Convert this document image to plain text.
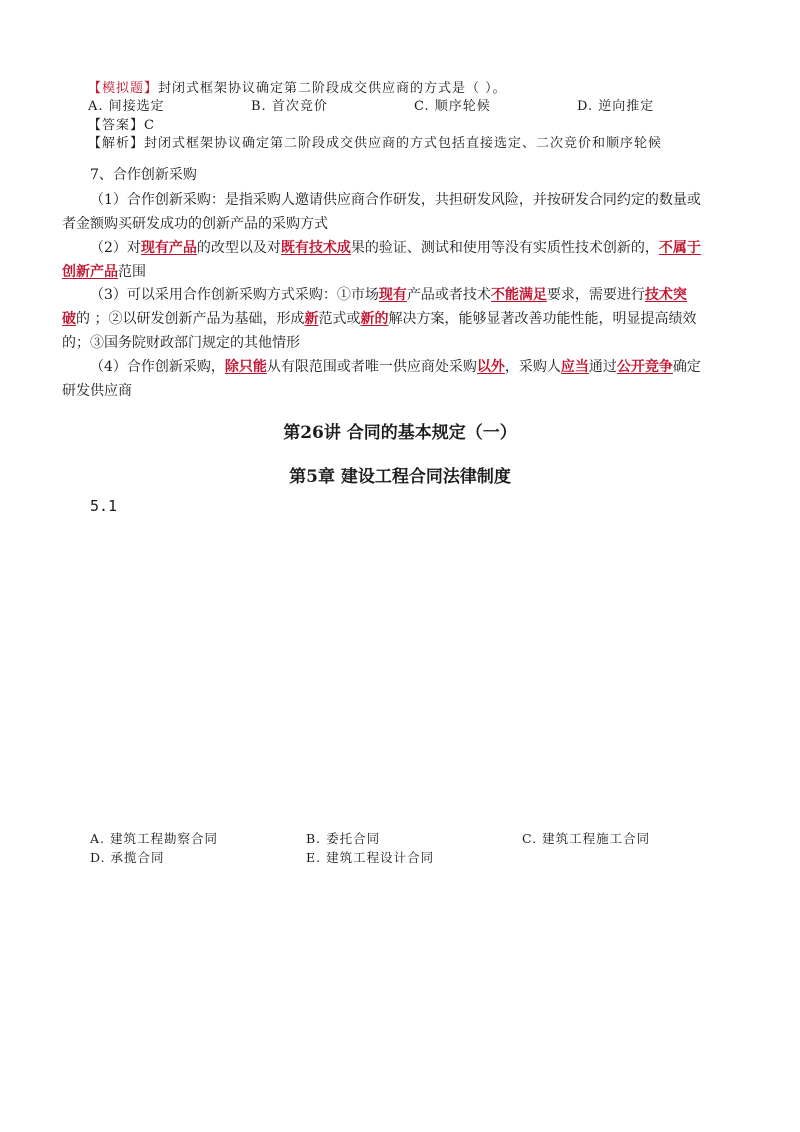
【模拟题】封闭式框架协议确定第二阶段成交供应商的方式是（ ）。
A. 间接选定	B. 首次竞价	C. 顺序轮候	D. 逆向推定
【答案】C
【解析】封闭式框架协议确定第二阶段成交供应商的方式包括直接选定、二次竞价和顺序轮候
7、合作创新采购
（1）合作创新采购：是指采购人邀请供应商合作研发，共担研发风险，并按研发合同约定的数量或
者金额购买研发成功的创新产品的采购方式
（2）对现有产品的改型以及对既有技术成果的验证、测试和使用等没有实质性技术创新的，不属于
创新产品范围
（3）可以采用合作创新采购方式采购：①市场现有产品或者技术不能满足要求，需要进行技术突
破的 ；②以研发创新产品为基础，形成新范式或新的解决方案，能够显著改善功能性能，明显提高绩效
的；③国务院财政部门规定的其他情形
（4）合作创新采购，除只能从有限范围或者唯一供应商处采购以外，采购人应当通过公开竞争确定
研发供应商
第26讲 合同的基本规定（一）
第5章 建设工程合同法律制度
5.1
A. 建筑工程勘察合同	B. 委托合同	C. 建筑工程施工合同
D. 承揽合同	E. 建筑工程设计合同
